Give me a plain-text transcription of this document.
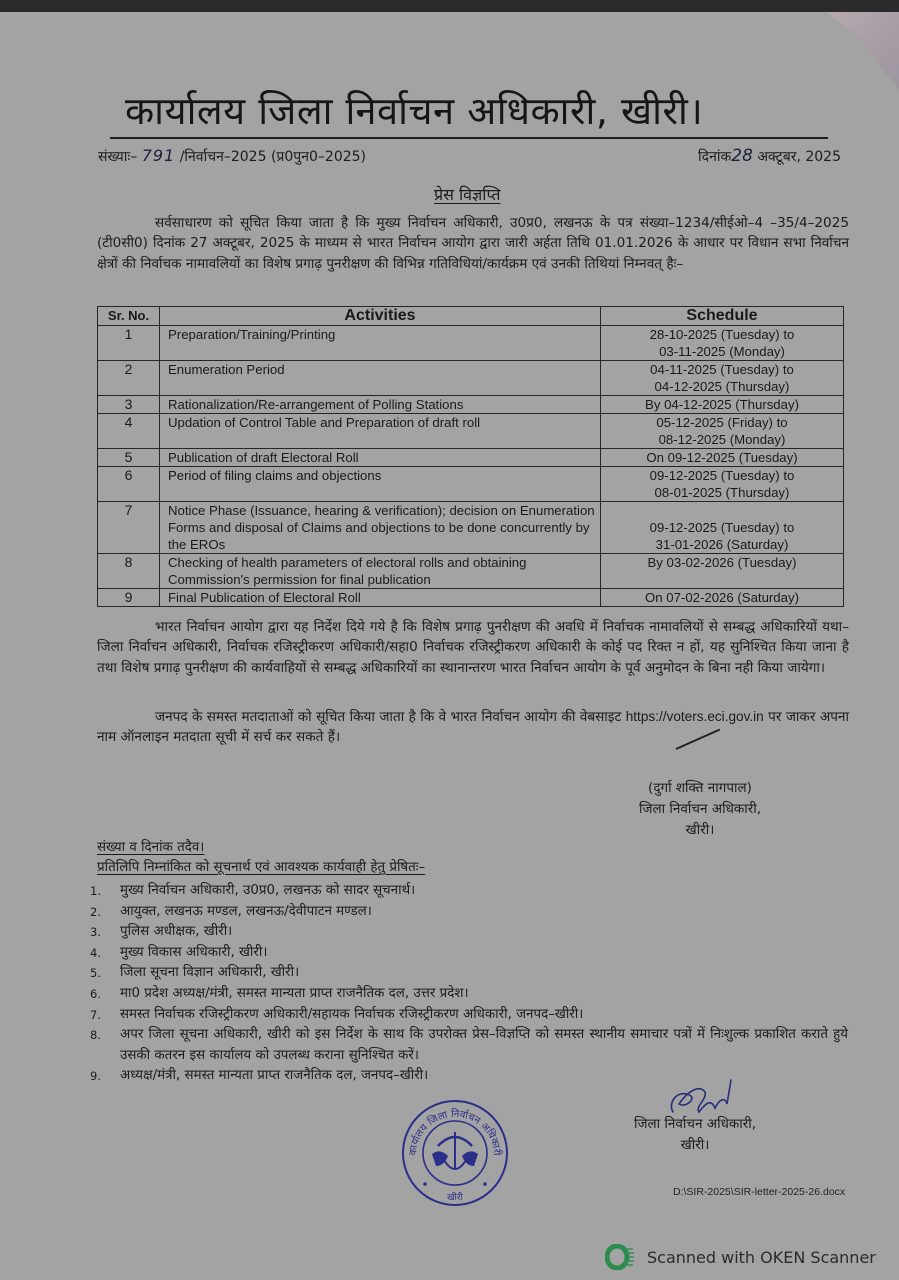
कार्यालय जिला निर्वाचन अधिकारी, खीरी।
संख्याः– 791 /निर्वाचन–2025 (प्र0पुन0–2025)	दिनांक28 अक्टूबर, 2025
प्रेस विज्ञप्ति
सर्वसाधारण को सूचित किया जाता है कि मुख्य निर्वाचन अधिकारी, उ0प्र0, लखनऊ के पत्र संख्या–1234/सीईओ–4 –35/4–2025 (टी0सी0) दिनांक 27 अक्टूबर, 2025 के माध्यम से भारत निर्वाचन आयोग द्वारा जारी अर्हता तिथि 01.01.2026 के आधार पर विधान सभा निर्वाचन क्षेत्रों की निर्वाचक नामावलियों का विशेष प्रगाढ़ पुनरीक्षण की विभिन्न गतिविधियां/कार्यक्रम एवं उनकी तिथियां निम्नवत् हैः–
Sr. No.	Activities	Schedule
1	Preparation/Training/Printing	28-10-2025 (Tuesday) to
03-11-2025 (Monday)

2	Enumeration Period	04-11-2025 (Tuesday) to
04-12-2025 (Thursday)

3	Rationalization/Re-arrangement of Polling Stations	By 04-12-2025 (Thursday)

4	Updation of Control Table and Preparation of draft roll	05-12-2025 (Friday) to
08-12-2025 (Monday)

5	Publication of draft Electoral Roll	On 09-12-2025 (Tuesday)

6	Period of filing claims and objections	09-12-2025 (Tuesday) to
08-01-2025 (Thursday)

7	Notice Phase (Issuance, hearing & verification); decision on Enumeration Forms and disposal of Claims and objections to be done concurrently by the EROs	09-12-2025 (Tuesday) to
31-01-2026 (Saturday)

8	Checking of health parameters of electoral rolls and obtaining Commission's permission for final publication	By 03-02-2026 (Tuesday)

9	Final Publication of Electoral Roll	On 07-02-2026 (Saturday)
भारत निर्वाचन आयोग द्वारा यह निर्देश दिये गये है कि विशेष प्रगाढ़ पुनरीक्षण की अवधि में निर्वाचक नामावलियों से सम्बद्ध अधिकारियों यथा–जिला निर्वाचन अधिकारी, निर्वाचक रजिस्ट्रीकरण अधिकारी/सहा0 निर्वाचक रजिस्ट्रीकरण अधिकारी के कोई पद रिक्त न हों, यह सुनिश्चित किया जाना है तथा विशेष प्रगाढ़ पुनरीक्षण की कार्यवाहियों से सम्बद्ध अधिकारियों का स्थानान्तरण भारत निर्वाचन आयोग के पूर्व अनुमोदन के बिना नही किया जायेगा।
जनपद के समस्त मतदाताओं को सूचित किया जाता है कि वे भारत निर्वाचन आयोग की वेबसाइट https://voters.eci.gov.in पर जाकर अपना नाम ऑनलाइन मतदाता सूची में सर्च कर सकते हैं।
(दुर्गा शक्ति नागपाल)
जिला निर्वाचन अधिकारी,
खीरी।
संख्या व दिनांक तदैव।
प्रतिलिपि निम्नांकित को सूचनार्थ एवं आवश्यक कार्यवाही हेतु प्रेषितः–
1.	मुख्य निर्वाचन अधिकारी, उ0प्र0, लखनऊ को सादर सूचनार्थ।
2.	आयुक्त, लखनऊ मण्डल, लखनऊ/देवीपाटन मण्डल।
3.	पुलिस अधीक्षक, खीरी।
4.	मुख्य विकास अधिकारी, खीरी।
5.	जिला सूचना विज्ञान अधिकारी, खीरी।
6.	मा0 प्रदेश अध्यक्ष/मंत्री, समस्त मान्यता प्राप्त राजनैतिक दल, उत्तर प्रदेश।
7.	समस्त निर्वाचक रजिस्ट्रीकरण अधिकारी/सहायक निर्वाचक रजिस्ट्रीकरण अधिकारी, जनपद–खीरी।
8.	अपर जिला सूचना अधिकारी, खीरी को इस निर्देश के साथ कि उपरोक्त प्रेस–विज्ञप्ति को समस्त स्थानीय समाचार पत्रों में निःशुल्क प्रकाशित कराते हुये उसकी कतरन इस कार्यालय को उपलब्ध कराना सुनिश्चित करें।
9.	अध्यक्ष/मंत्री, समस्त मान्यता प्राप्त राजनैतिक दल, जनपद–खीरी।
कार्यालय जिला निर्वाचन अधिकारी
खीरी
जिला निर्वाचन अधिकारी,
खीरी।
D:\SIR-2025\SIR-letter-2025-26.docx
Scanned with OKEN Scanner
